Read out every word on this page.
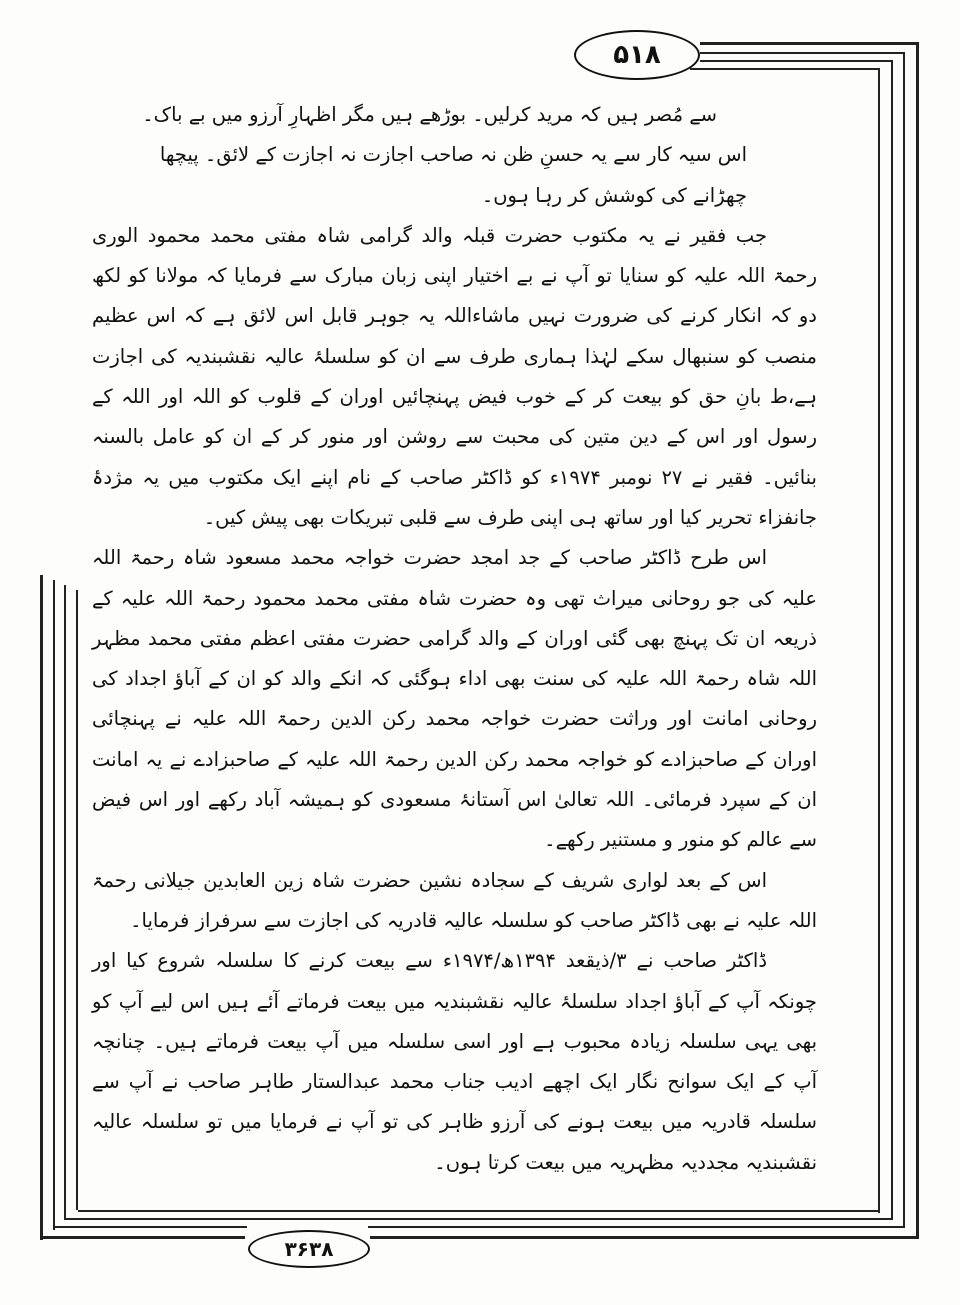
۵۱۸

سے مُصر ہیں کہ مرید کرلیں۔ بوڑھے ہیں مگر اظہارِ آرزو میں بے باک۔

اس سیہ کار سے یہ حسنِ ظن نہ صاحب اجازت نہ اجازت کے لائق۔ پیچھا

چھڑانے کی کوشش کر رہا ہوں۔

جب فقیر نے یہ مکتوب حضرت قبلہ والد گرامی شاہ مفتی محمد محمود الوری رحمۃ اللہ علیہ کو سنایا تو آپ نے بے اختیار اپنی زبان مبارک سے فرمایا کہ مولانا کو لکھ دو کہ انکار کرنے کی ضرورت نہیں ماشاءاللہ یہ جوہر قابل اس لائق ہے کہ اس عظیم منصب کو سنبھال سکے لہٰذا ہماری طرف سے ان کو سلسلۂ عالیہ نقشبندیہ کی اجازت ہے،ط بانِ حق کو بیعت کر کے خوب فیض پہنچائیں اوران کے قلوب کو اللہ اور اللہ کے رسول اور اس کے دین متین کی محبت سے روشن اور منور کر کے ان کو عامل بالسنہ بنائیں۔ فقیر نے ۲۷ نومبر ۱۹۷۴ء کو ڈاکٹر صاحب کے نام اپنے ایک مکتوب میں یہ مژدۂ جانفزاء تحریر کیا اور ساتھ ہی اپنی طرف سے قلبی تبریکات بھی پیش کیں۔

اس طرح ڈاکٹر صاحب کے جد امجد حضرت خواجہ محمد مسعود شاہ رحمۃ اللہ علیہ کی جو روحانی میراث تھی وہ حضرت شاہ مفتی محمد محمود رحمۃ اللہ علیہ کے ذریعہ ان تک پہنچ بھی گئی اوران کے والد گرامی حضرت مفتی اعظم مفتی محمد مظہر اللہ شاہ رحمۃ اللہ علیہ کی سنت بھی اداء ہوگئی کہ انکے والد کو ان کے آباؤ اجداد کی روحانی امانت اور وراثت حضرت خواجہ محمد رکن الدین رحمۃ اللہ علیہ نے پہنچائی اوران کے صاحبزادے کو خواجہ محمد رکن الدین رحمۃ اللہ علیہ کے صاحبزادے نے یہ امانت ان کے سپرد فرمائی۔ اللہ تعالیٰ اس آستانۂ مسعودی کو ہمیشہ آباد رکھے اور اس فیض سے عالم کو منور و مستنیر رکھے۔

اس کے بعد لواری شریف کے سجادہ نشین حضرت شاہ زین العابدین جیلانی رحمۃ اللہ علیہ نے بھی ڈاکٹر صاحب کو سلسلہ عالیہ قادریہ کی اجازت سے سرفراز فرمایا۔

ڈاکٹر صاحب نے ۳/ذیقعد ۱۳۹۴ھ/۱۹۷۴ء سے بیعت کرنے کا سلسلہ شروع کیا اور چونکہ آپ کے آباؤ اجداد سلسلۂ عالیہ نقشبندیہ میں بیعت فرماتے آئے ہیں اس لیے آپ کو بھی یہی سلسلہ زیادہ محبوب ہے اور اسی سلسلہ میں آپ بیعت فرماتے ہیں۔ چنانچہ آپ کے ایک سوانح نگار ایک اچھے ادیب جناب محمد عبدالستار طاہر صاحب نے آپ سے سلسلہ قادریہ میں بیعت ہونے کی آرزو ظاہر کی تو آپ نے فرمایا میں تو سلسلہ عالیہ نقشبندیہ مجددیہ مظہریہ میں بیعت کرتا ہوں۔

۳۶۳۸
